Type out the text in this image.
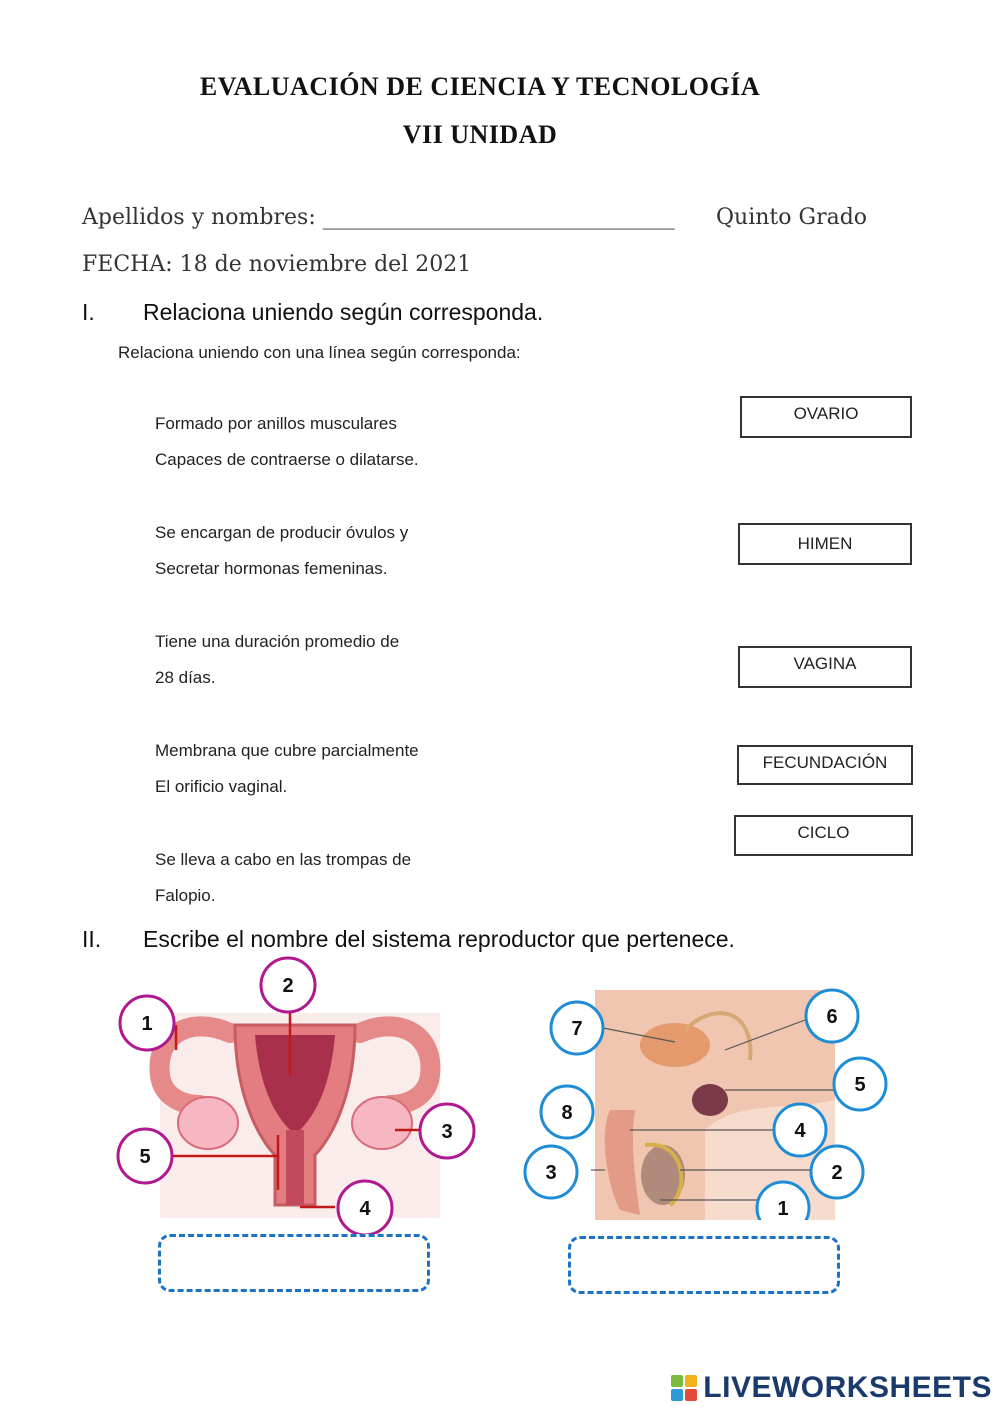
EVALUACIÓN DE CIENCIA Y TECNOLOGÍA
VII UNIDAD
Apellidos y nombres: ________________________________ Quinto Grado
FECHA: 18 de noviembre del 2021
I. Relaciona uniendo según corresponda.
Relaciona uniendo con una línea según corresponda:
Formado por anillos musculares
Capaces de contraerse o dilatarse.
Se encargan de producir óvulos y
Secretar hormonas femeninas.
Tiene una duración promedio de
28 días.
Membrana que cubre parcialmente
El orificio vaginal.
Se lleva a cabo en las trompas de
Falopio.
OVARIO
HIMEN
VAGINA
FECUNDACIÓN
CICLO
II. Escribe el nombre del sistema reproductor que pertenece.
1
2
3
4
5
7
6
5
8
4
3	2
1
LIVEWORKSHEETS
